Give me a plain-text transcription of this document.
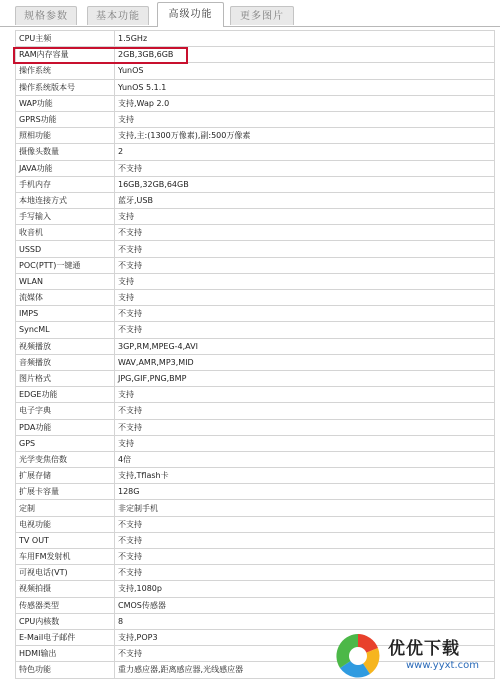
规格参数	基本功能	高级功能	更多图片
CPU主频	1.5GHz
RAM内存容量	2GB,3GB,6GB
操作系统	YunOS
操作系统版本号	YunOS 5.1.1
WAP功能	支持,Wap 2.0
GPRS功能	支持
照相功能	支持,主:(1300万像素),副:500万像素
摄像头数量	2
JAVA功能	不支持
手机内存	16GB,32GB,64GB
本地连接方式	蓝牙,USB
手写输入	支持
收音机	不支持
USSD	不支持
POC(PTT)一键通	不支持
WLAN	支持
流媒体	支持
IMPS	不支持
SyncML	不支持
视频播放	3GP,RM,MPEG-4,AVI
音频播放	WAV,AMR,MP3,MID
图片格式	JPG,GIF,PNG,BMP
EDGE功能	支持
电子字典	不支持
PDA功能	不支持
GPS	支持
光学变焦倍数	4倍
扩展存储	支持,Tflash卡
扩展卡容量	128G
定制	非定制手机
电视功能	不支持
TV OUT	不支持
车用FM发射机	不支持
可视电话(VT)	不支持
视频拍摄	支持,1080p
传感器类型	CMOS传感器
CPU内核数	8
E-Mail电子邮件	支持,POP3
HDMI输出	不支持
特色功能	重力感应器,距离感应器,光线感应器
优优下载
www.yyxt.com
